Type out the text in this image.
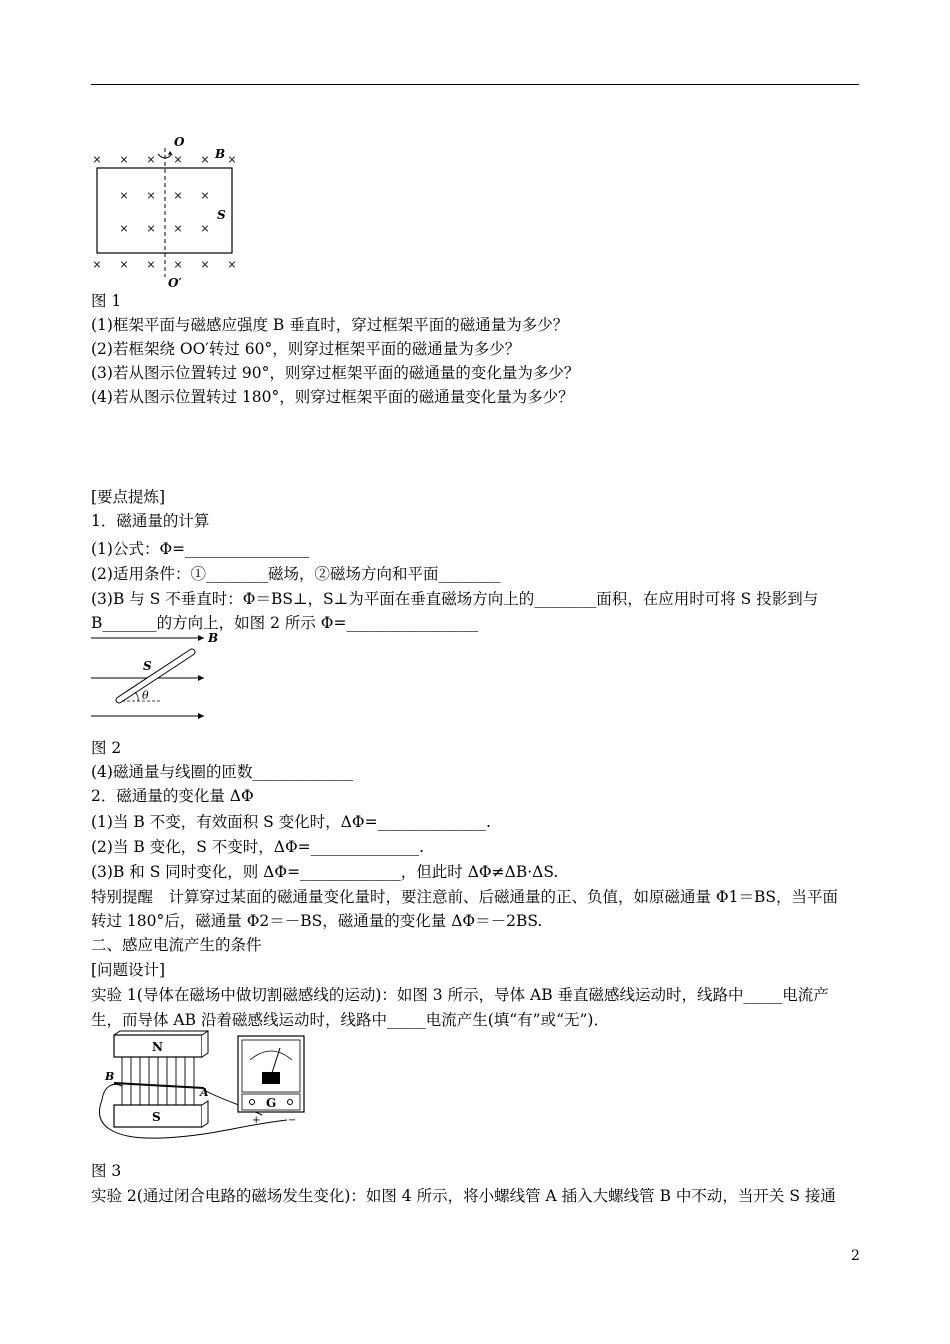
× × × × × ×
× × × ×
× × × ×
× × × × × ×
O
O′
B
S
图 1
(1)框架平面与磁感应强度 B 垂直时，穿过框架平面的磁通量为多少？
(2)若框架绕 OO′转过 60°，则穿过框架平面的磁通量为多少？
(3)若从图示位置转过 90°，则穿过框架平面的磁通量的变化量为多少？
(4)若从图示位置转过 180°，则穿过框架平面的磁通量变化量为多少？
[要点提炼]
1．磁通量的计算
(1)公式：Φ=________________
(2)适用条件：①________磁场，②磁场方向和平面________
(3)B 与 S 不垂直时：Φ＝BS⊥，S⊥为平面在垂直磁场方向上的________面积，在应用时可将 S 投影到与
B_______的方向上，如图 2 所示 Φ=_________________
B
S
θ
图 2
(4)磁通量与线圈的匝数_____________
2．磁通量的变化量 ΔΦ
(1)当 B 不变，有效面积 S 变化时，ΔΦ=______________.
(2)当 B 变化，S 不变时，ΔΦ=______________.
(3)B 和 S 同时变化，则 ΔΦ=_____________，但此时 ΔΦ≠ΔB·ΔS.
特别提醒　计算穿过某面的磁通量变化量时，要注意前、后磁通量的正、负值，如原磁通量 Φ1＝BS，当平面
转过 180°后，磁通量 Φ2＝－BS，磁通量的变化量 ΔΦ＝－2BS.
二、感应电流产生的条件
[问题设计]
实验 1(导体在磁场中做切割磁感线的运动)：如图 3 所示，导体 AB 垂直磁感线运动时，线路中_____电流产
生，而导体 AB 沿着磁感线运动时，线路中_____电流产生(填“有”或“无”)．
N
B
A
S
G
+	−
图 3
实验 2(通过闭合电路的磁场发生变化)：如图 4 所示，将小螺线管 A 插入大螺线管 B 中不动，当开关 S 接通
2
